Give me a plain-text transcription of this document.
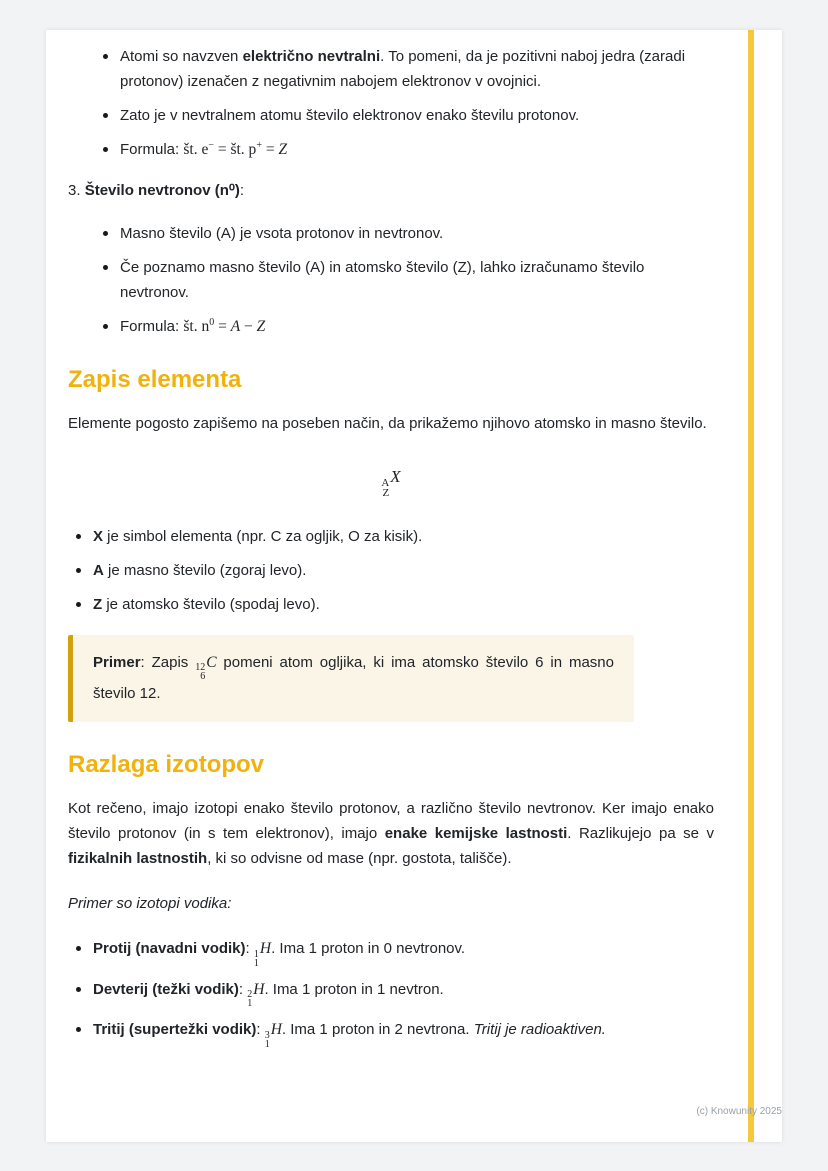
Atomi so navzven električno nevtralni. To pomeni, da je pozitivni naboj jedra (zaradi protonov) izenačen z negativnim nabojem elektronov v ovojnici.

Zato je v nevtralnem atomu število elektronov enako številu protonov.

Formula: št. e− = št. p+ = Z

3. Število nevtronov (n⁰):

Masno število (A) je vsota protonov in nevtronov.

Če poznamo masno število (A) in atomsko število (Z), lahko izračunamo število nevtronov.

Formula: št. $n^0 = A - Z$

Zapis elementa

Elemente pogosto zapišemo na poseben način, da prikažemo njihovo atomsko in masno število.

A
Z
X

X je simbol elementa (npr. C za ogljik, O za kisik).

A je masno število (zgoraj levo).

Z je atomsko število (spodaj levo).

Primer: Zapis 12
6
C pomeni atom ogljika, ki ima atomsko število 6 in masno število 12.

Razlaga izotopov

Kot rečeno, imajo izotopi enako število protonov, a različno število nevtronov. Ker imajo enako število protonov (in s tem elektronov), imajo enake kemijske lastnosti. Razlikujejo pa se v fizikalnih lastnostih, ki so odvisne od mase (npr. gostota, tališče).

Primer so izotopi vodika:

Protij (navadni vodik): 1
1
H. Ima 1 proton in 0 nevtronov.

Devterij (težki vodik): 2
1
H. Ima 1 proton in 1 nevtron.

Tritij (supertežki vodik): 3
1
H. Ima 1 proton in 2 nevtrona. Tritij je radioaktiven.

(c) Knowunity 2025
